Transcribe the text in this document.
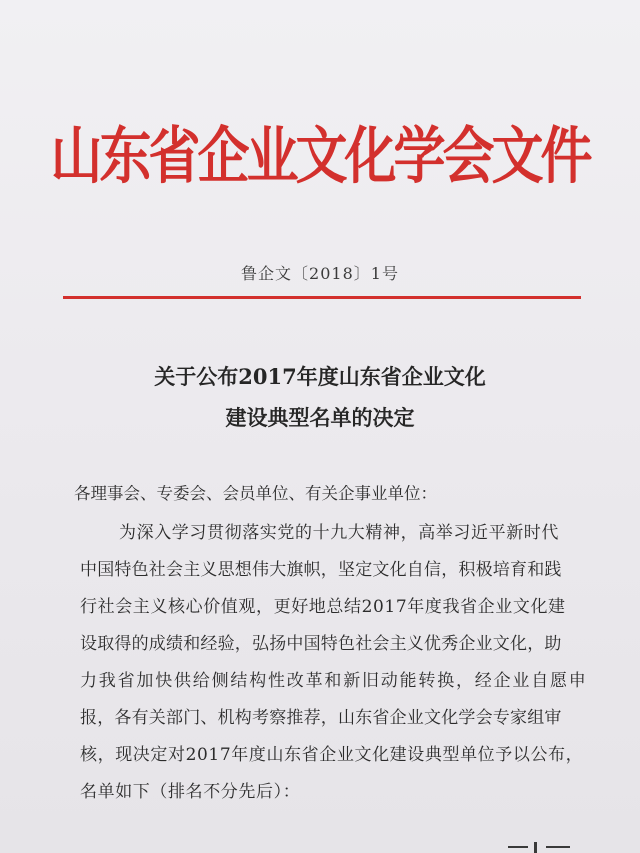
山东省企业文化学会文件
鲁企文〔2018〕1号
关于公布2017年度山东省企业文化
建设典型名单的决定
各理事会、专委会、会员单位、有关企事业单位：
为深入学习贯彻落实党的十九大精神，高举习近平新时代
中国特色社会主义思想伟大旗帜，坚定文化自信，积极培育和践
行社会主义核心价值观，更好地总结2017年度我省企业文化建
设取得的成绩和经验，弘扬中国特色社会主义优秀企业文化，助
力我省加快供给侧结构性改革和新旧动能转换，经企业自愿申
报，各有关部门、机构考察推荐，山东省企业文化学会专家组审
核，现决定对2017年度山东省企业文化建设典型单位予以公布，
名单如下（排名不分先后）：
